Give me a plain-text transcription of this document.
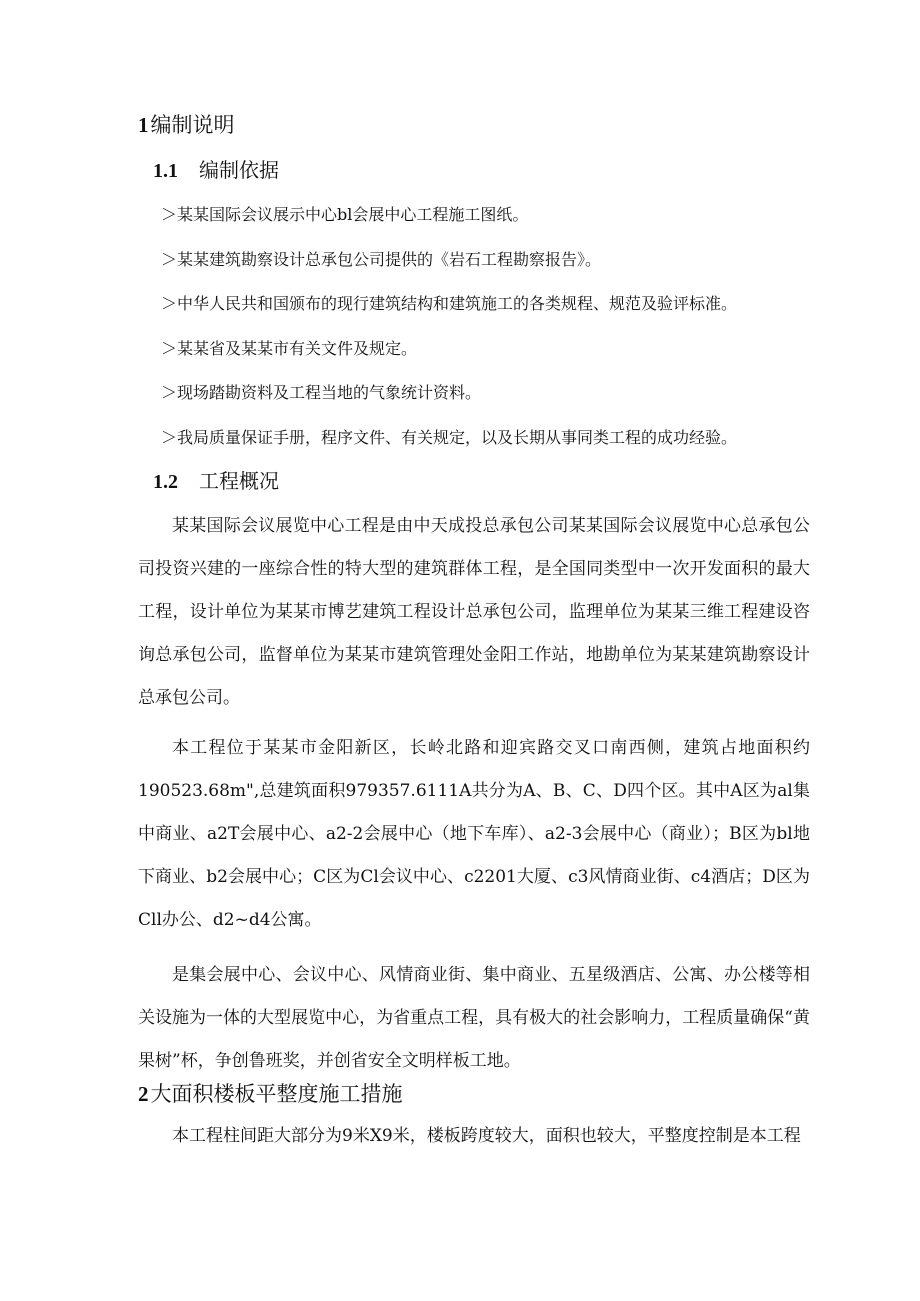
1编制说明
1.1 编制依据
＞某某国际会议展示中心bl会展中心工程施工图纸。
＞某某建筑勘察设计总承包公司提供的《岩石工程勘察报告》。
＞中华人民共和国颁布的现行建筑结构和建筑施工的各类规程、规范及验评标准。
＞某某省及某某市有关文件及规定。
＞现场踏勘资料及工程当地的气象统计资料。
＞我局质量保证手册，程序文件、有关规定，以及长期从事同类工程的成功经验。
1.2 工程概况

某某国际会议展览中心工程是由中天成投总承包公司某某国际会议展览中心总承包公司投资兴建的一座综合性的特大型的建筑群体工程，是全国同类型中一次开发面积的最大工程，设计单位为某某市博艺建筑工程设计总承包公司，监理单位为某某三维工程建设咨询总承包公司，监督单位为某某市建筑管理处金阳工作站，地勘单位为某某建筑勘察设计总承包公司。

本工程位于某某市金阳新区，长岭北路和迎宾路交叉口南西侧，建筑占地面积约190523.68m",总建筑面积979357.6111A共分为A、B、C、D四个区。其中A区为al集中商业、a2T会展中心、a2-2会展中心（地下车库）、a2-3会展中心（商业）；B区为bl地下商业、b2会展中心；C区为Cl会议中心、c2201大厦、c3风情商业街、c4酒店；D区为Cll办公、d2~d4公寓。

是集会展中心、会议中心、风情商业街、集中商业、五星级酒店、公寓、办公楼等相关设施为一体的大型展览中心，为省重点工程，具有极大的社会影响力，工程质量确保“黄果树”杯，争创鲁班奖，并创省安全文明样板工地。

2大面积楼板平整度施工措施

本工程柱间距大部分为9米X9米，楼板跨度较大，面积也较大，平整度控制是本工程
